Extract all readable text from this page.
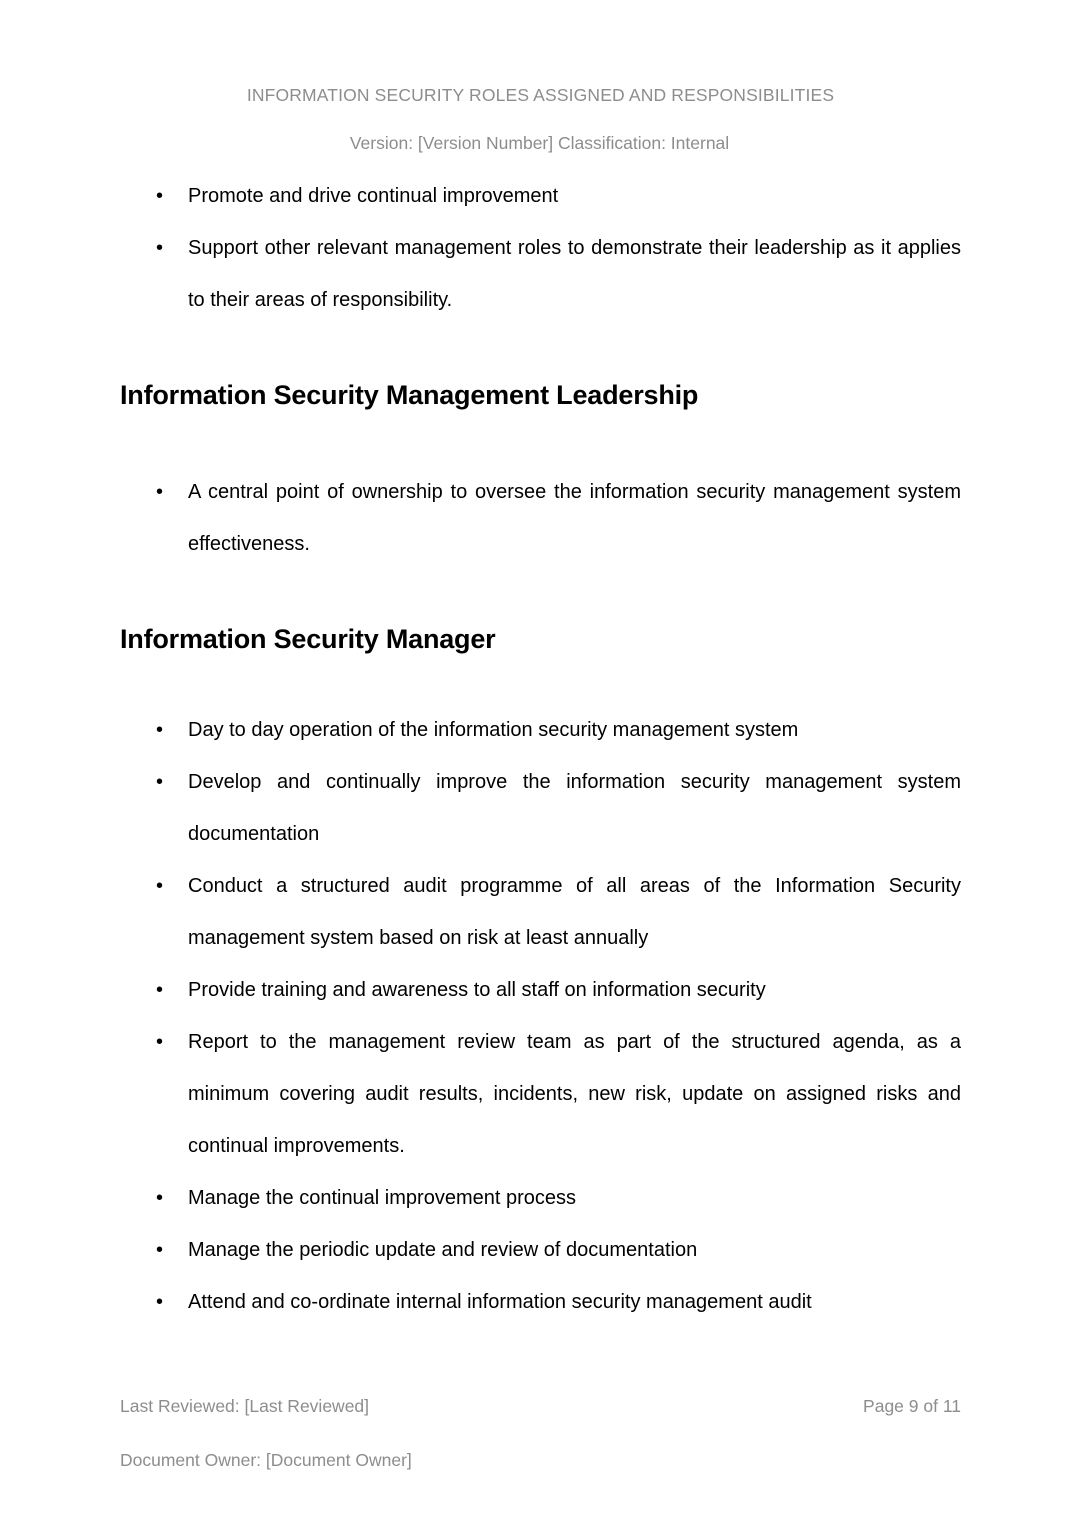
INFORMATION SECURITY ROLES ASSIGNED AND RESPONSIBILITIES
Version: [Version Number] Classification: Internal
• Promote and drive continual improvement
• Support other relevant management roles to demonstrate their leadership as it applies to their areas of responsibility.
Information Security Management Leadership
• A central point of ownership to oversee the information security management system effectiveness.
Information Security Manager
• Day to day operation of the information security management system
• Develop and continually improve the information security management system documentation
• Conduct a structured audit programme of all areas of the Information Security management system based on risk at least annually
• Provide training and awareness to all staff on information security
• Report to the management review team as part of the structured agenda, as a minimum covering audit results, incidents, new risk, update on assigned risks and continual improvements.
• Manage the continual improvement process
• Manage the periodic update and review of documentation
• Attend and co-ordinate internal information security management audit
Last Reviewed: [Last Reviewed]	Page 9 of 11
Document Owner: [Document Owner]
